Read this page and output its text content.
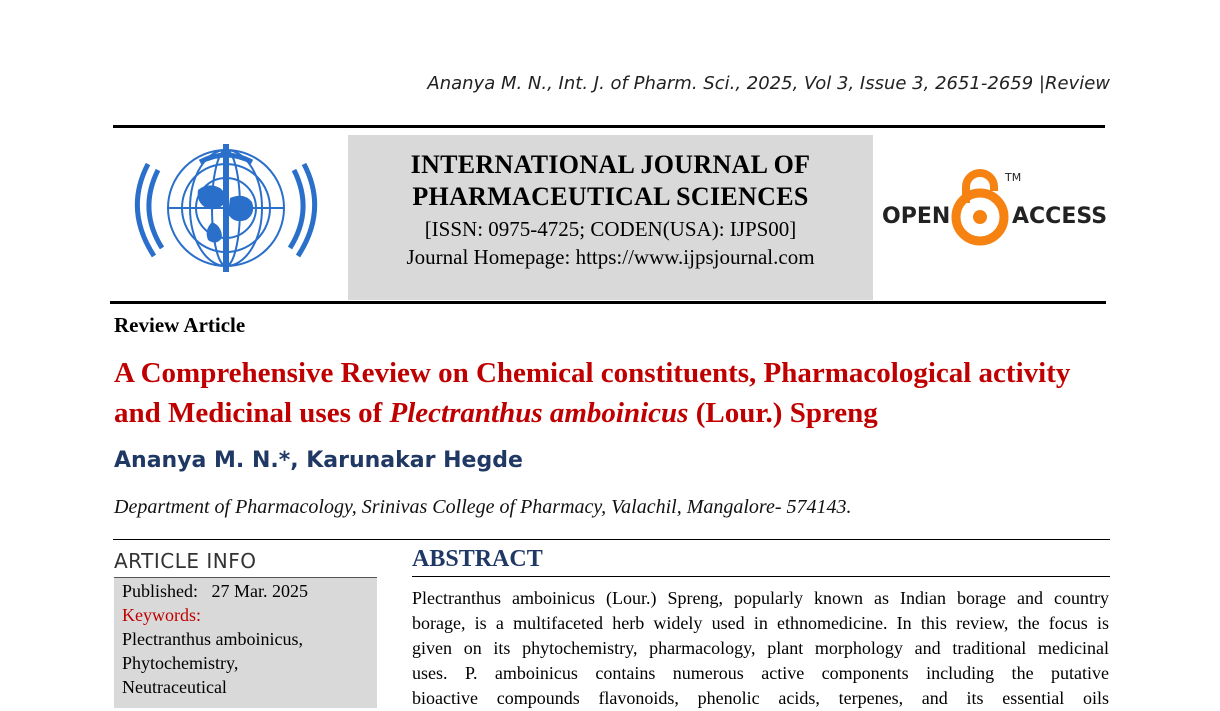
Ananya M. N., Int. J. of Pharm. Sci., 2025, Vol 3, Issue 3, 2651-2659 |Review
INTERNATIONAL JOURNAL OF
PHARMACEUTICAL SCIENCES
[ISSN: 0975-4725; CODEN(USA): IJPS00]
Journal Homepage: https://www.ijpsjournal.com
OPEN
TM
ACCESS
Review Article
A Comprehensive Review on Chemical constituents, Pharmacological activity and Medicinal uses of Plectranthus amboinicus (Lour.) Spreng
Ananya M. N.*, Karunakar Hegde
Department of Pharmacology, Srinivas College of Pharmacy, Valachil, Mangalore- 574143.
ARTICLE INFO
Published: 27 Mar. 2025
Keywords:
Plectranthus amboinicus,
Phytochemistry,
Neutraceutical
ABSTRACT
Plectranthus amboinicus (Lour.) Spreng, popularly known as Indian borage and country
borage, is a multifaceted herb widely used in ethnomedicine. In this review, the focus is
given on its phytochemistry, pharmacology, plant morphology and traditional medicinal
uses. P. amboinicus contains numerous active components including the putative
bioactive compounds flavonoids, phenolic acids, terpenes, and its essential oils
